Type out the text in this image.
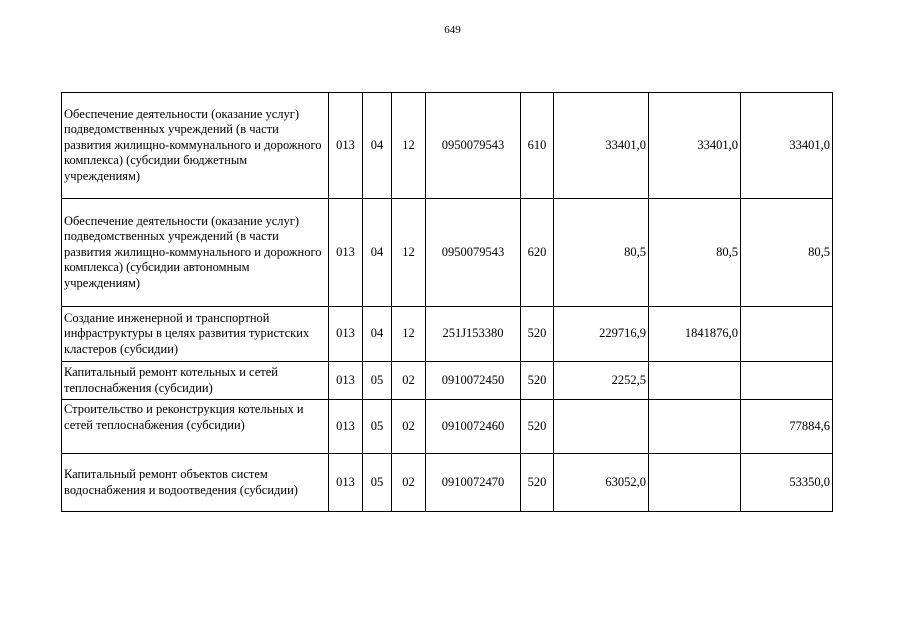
649
Обеспечение деятельности (оказание услуг) подведомственных учреждений (в части развития жилищно-коммунального и дорожного комплекса) (субсидии бюджетным учреждениям)	013	04	12	0950079543	610	33401,0	33401,0	33401,0
Обеспечение деятельности (оказание услуг) подведомственных учреждений (в части развития жилищно-коммунального и дорожного комплекса) (субсидии автономным учреждениям)	013	04	12	0950079543	620	80,5	80,5	80,5
Создание инженерной и транспортной инфраструктуры в целях развития туристских кластеров (субсидии)	013	04	12	251J153380	520	229716,9	1841876,0	
Капитальный ремонт котельных и сетей теплоснабжения (субсидии)	013	05	02	0910072450	520	2252,5		
Строительство и реконструкция котельных и сетей теплоснабжения (субсидии)	013	05	02	0910072460	520			77884,6
Капитальный ремонт объектов систем водоснабжения и водоотведения (субсидии)	013	05	02	0910072470	520	63052,0		53350,0
